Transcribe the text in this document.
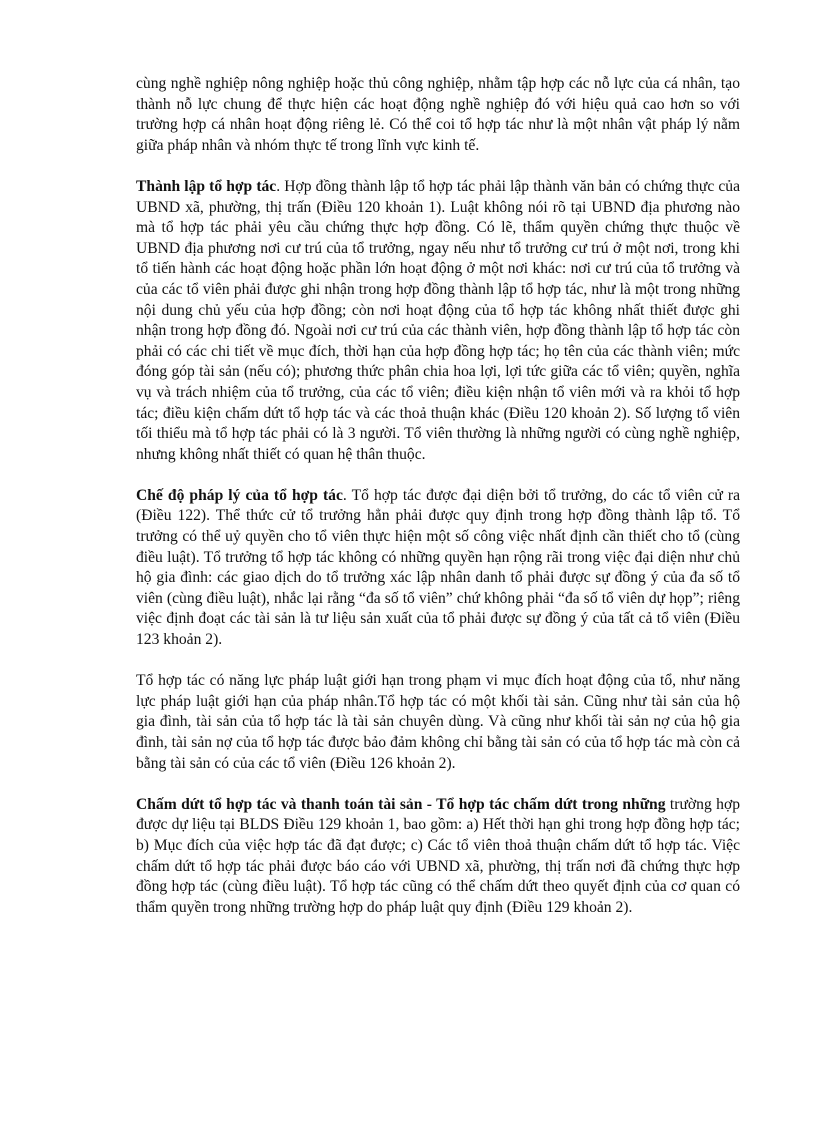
cùng nghề nghiệp nông nghiệp hoặc thủ công nghiệp, nhằm tập hợp các nỗ lực của cá nhân, tạo thành nỗ lực chung để thực hiện các hoạt động nghề nghiệp đó với hiệu quả cao hơn so với trường hợp cá nhân hoạt động riêng lẻ. Có thể coi tổ hợp tác như là một nhân vật pháp lý nằm giữa pháp nhân và nhóm thực tế trong lĩnh vực kinh tế.

Thành lập tổ hợp tác. Hợp đồng thành lập tổ hợp tác phải lập thành văn bản có chứng thực của UBND xã, phường, thị trấn (Điều 120 khoản 1). Luật không nói rõ tại UBND địa phương nào mà tổ hợp tác phải yêu cầu chứng thực hợp đồng. Có lẽ, thẩm quyền chứng thực thuộc về UBND địa phương nơi cư trú của tổ trưởng, ngay nếu như tổ trưởng cư trú ở một nơi, trong khi tổ tiến hành các hoạt động hoặc phần lớn hoạt động ở một nơi khác: nơi cư trú của tổ trưởng và của các tổ viên phải được ghi nhận trong hợp đồng thành lập tổ hợp tác, như là một trong những nội dung chủ yếu của hợp đồng; còn nơi hoạt động của tổ hợp tác không nhất thiết được ghi nhận trong hợp đồng đó. Ngoài nơi cư trú của các thành viên, hợp đồng thành lập tổ hợp tác còn phải có các chi tiết về mục đích, thời hạn của hợp đồng hợp tác; họ tên của các thành viên; mức đóng góp tài sản (nếu có); phương thức phân chia hoa lợi, lợi tức giữa các tổ viên; quyền, nghĩa vụ và trách nhiệm của tổ trưởng, của các tổ viên; điều kiện nhận tổ viên mới và ra khỏi tổ hợp tác; điều kiện chấm dứt tổ hợp tác và các thoả thuận khác (Điều 120 khoản 2). Số lượng tổ viên tối thiểu mà tổ hợp tác phải có là 3 người. Tổ viên thường là những người có cùng nghề nghiệp, nhưng không nhất thiết có quan hệ thân thuộc.

Chế độ pháp lý của tổ hợp tác. Tổ hợp tác được đại diện bởi tổ trưởng, do các tổ viên cử ra (Điều 122). Thể thức cử tổ trưởng hẳn phải được quy định trong hợp đồng thành lập tổ. Tổ trưởng có thể uỷ quyền cho tổ viên thực hiện một số công việc nhất định cần thiết cho tổ (cùng điều luật). Tổ trưởng tổ hợp tác không có những quyền hạn rộng rãi trong việc đại diện như chủ hộ gia đình: các giao dịch do tổ trưởng xác lập nhân danh tổ phải được sự đồng ý của đa số tổ viên (cùng điều luật), nhắc lại rằng “đa số tổ viên” chứ không phải “đa số tổ viên dự họp”; riêng việc định đoạt các tài sản là tư liệu sản xuất của tổ phải được sự đồng ý của tất cả tổ viên (Điều 123 khoản 2).

Tổ hợp tác có năng lực pháp luật giới hạn trong phạm vi mục đích hoạt động của tổ, như năng lực pháp luật giới hạn của pháp nhân.Tổ hợp tác có một khối tài sản. Cũng như tài sản của hộ gia đình, tài sản của tổ hợp tác là tài sản chuyên dùng. Và cũng như khối tài sản nợ của hộ gia đình, tài sản nợ của tổ hợp tác được bảo đảm không chỉ bằng tài sản có của tổ hợp tác mà còn cả bằng tài sản có của các tổ viên (Điều 126 khoản 2).

Chấm dứt tổ hợp tác và thanh toán tài sản - Tổ hợp tác chấm dứt trong những trường hợp được dự liệu tại BLDS Điều 129 khoản 1, bao gồm: a) Hết thời hạn ghi trong hợp đồng hợp tác; b) Mục đích của việc hợp tác đã đạt được; c) Các tổ viên thoả thuận chấm dứt tổ hợp tác. Việc chấm dứt tổ hợp tác phải được báo cáo với UBND xã, phường, thị trấn nơi đã chứng thực hợp đồng hợp tác (cùng điều luật). Tổ hợp tác cũng có thể chấm dứt theo quyết định của cơ quan có thẩm quyền trong những trường hợp do pháp luật quy định (Điều 129 khoản 2).
